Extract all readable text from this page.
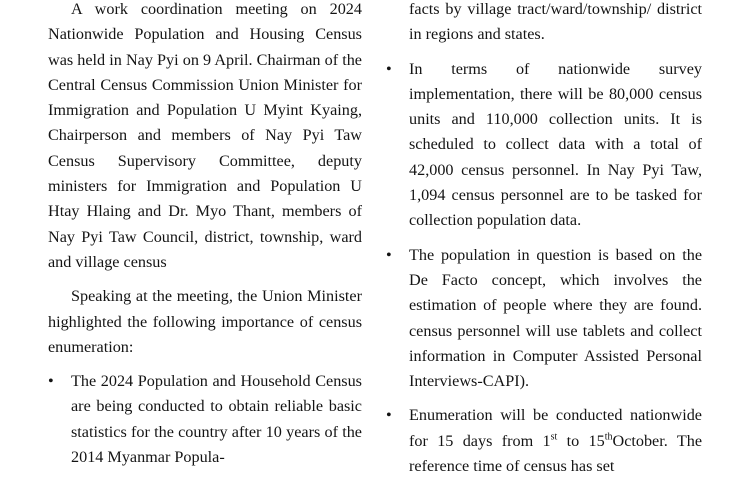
A work coordination meeting on 2024 Nationwide Population and Housing Census was held in Nay Pyi on 9 April. Chairman of the Central Census Commission Union Minister for Immigration and Population U Myint Kyaing, Chairperson and members of Nay Pyi Taw Census Supervisory Committee, deputy ministers for Immigration and Population U Htay Hlaing and Dr. Myo Thant, members of Nay Pyi Taw Council, district, township, ward and village census

Speaking at the meeting, the Union Minister highlighted the following importance of census enumeration:

• The 2024 Population and Household Census are being conducted to obtain reliable basic statistics for the country after 10 years of the 2014 Myanmar Popula-

facts by village tract/ward/township/ district in regions and states.

• In terms of nationwide survey implementation, there will be 80,000 census units and 110,000 collection units. It is scheduled to collect data with a total of 42,000 census personnel. In Nay Pyi Taw, 1,094 census personnel are to be tasked for collection population data.
• The population in question is based on the De Facto concept, which involves the estimation of people where they are found. census personnel will use tablets and collect information in Computer Assisted Personal Interviews-CAPI).
• Enumeration will be conducted nationwide for 15 days from 1st to 15thOctober. The reference time of census has set
